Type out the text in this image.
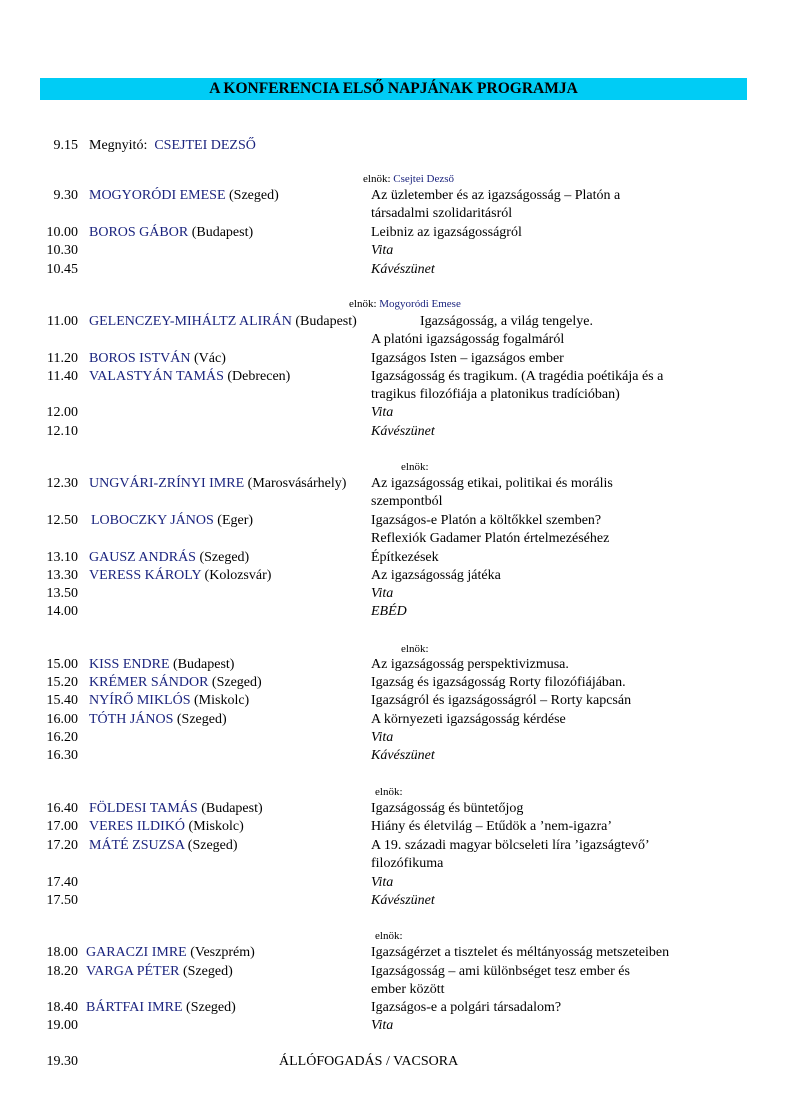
A KONFERENCIA ELSŐ NAPJÁNAK PROGRAMJA
9.15 Megnyitó: CSEJTEI DEZSŐ
elnök: Csejtei Dezső
9.30 MOGYORÓDI EMESE (Szeged)	Az üzletember és az igazságosság – Platón a
társadalmi szolidaritásról
10.00 BOROS GÁBOR (Budapest)	Leibniz az igazságosságról
10.30	Vita
10.45	Kávészünet
elnök: Mogyoródi Emese
11.00 GELENCZEY-MIHÁLTZ ALIRÁN (Budapest)	Igazságosság, a világ tengelye.
A platóni igazságosság fogalmáról
11.20 BOROS ISTVÁN (Vác)	Igazságos Isten – igazságos ember
11.40 VALASTYÁN TAMÁS (Debrecen)	Igazságosság és tragikum. (A tragédia poétikája és a
tragikus filozófiája a platonikus tradícióban)
12.00	Vita
12.10	Kávészünet
elnök:
12.30 UNGVÁRI-ZRÍNYI IMRE (Marosvásárhely) Az igazságosság etikai, politikai és morális
szempontból
12.50 LOBOCZKY JÁNOS (Eger)	Igazságos-e Platón a költőkkel szemben?
Reflexiók Gadamer Platón értelmezéséhez
13.10 GAUSZ ANDRÁS (Szeged)	Építkezések
13.30 VERESS KÁROLY (Kolozsvár)	Az igazságosság játéka
13.50	Vita
14.00	EBÉD
elnök:
15.00 KISS ENDRE (Budapest)	Az igazságosság perspektivizmusa.
15.20 KRÉMER SÁNDOR (Szeged)	Igazság és igazságosság Rorty filozófiájában.
15.40 NYÍRŐ MIKLÓS (Miskolc)	Igazságról és igazságosságról – Rorty kapcsán
16.00 TÓTH JÁNOS (Szeged)	A környezeti igazságosság kérdése
16.20	Vita
16.30	Kávészünet
elnök:
16.40 FÖLDESI TAMÁS (Budapest)	Igazságosság és büntetőjog
17.00 VERES ILDIKÓ (Miskolc)	Hiány és életvilág – Etűdök a ’nem-igazra’
17.20 MÁTÉ ZSUZSA (Szeged)	A 19. századi magyar bölcseleti líra ’igazságtevő’
filozófikuma
17.40	Vita
17.50	Kávészünet
elnök:
18.00 GARACZI IMRE (Veszprém)	Igazságérzet a tisztelet és méltányosság metszeteiben
18.20 VARGA PÉTER (Szeged)	Igazságosság – ami különbséget tesz ember és
ember között
18.40 BÁRTFAI IMRE (Szeged)	Igazságos-e a polgári társadalom?
19.00	Vita
19.30	ÁLLÓFOGADÁS / VACSORA
